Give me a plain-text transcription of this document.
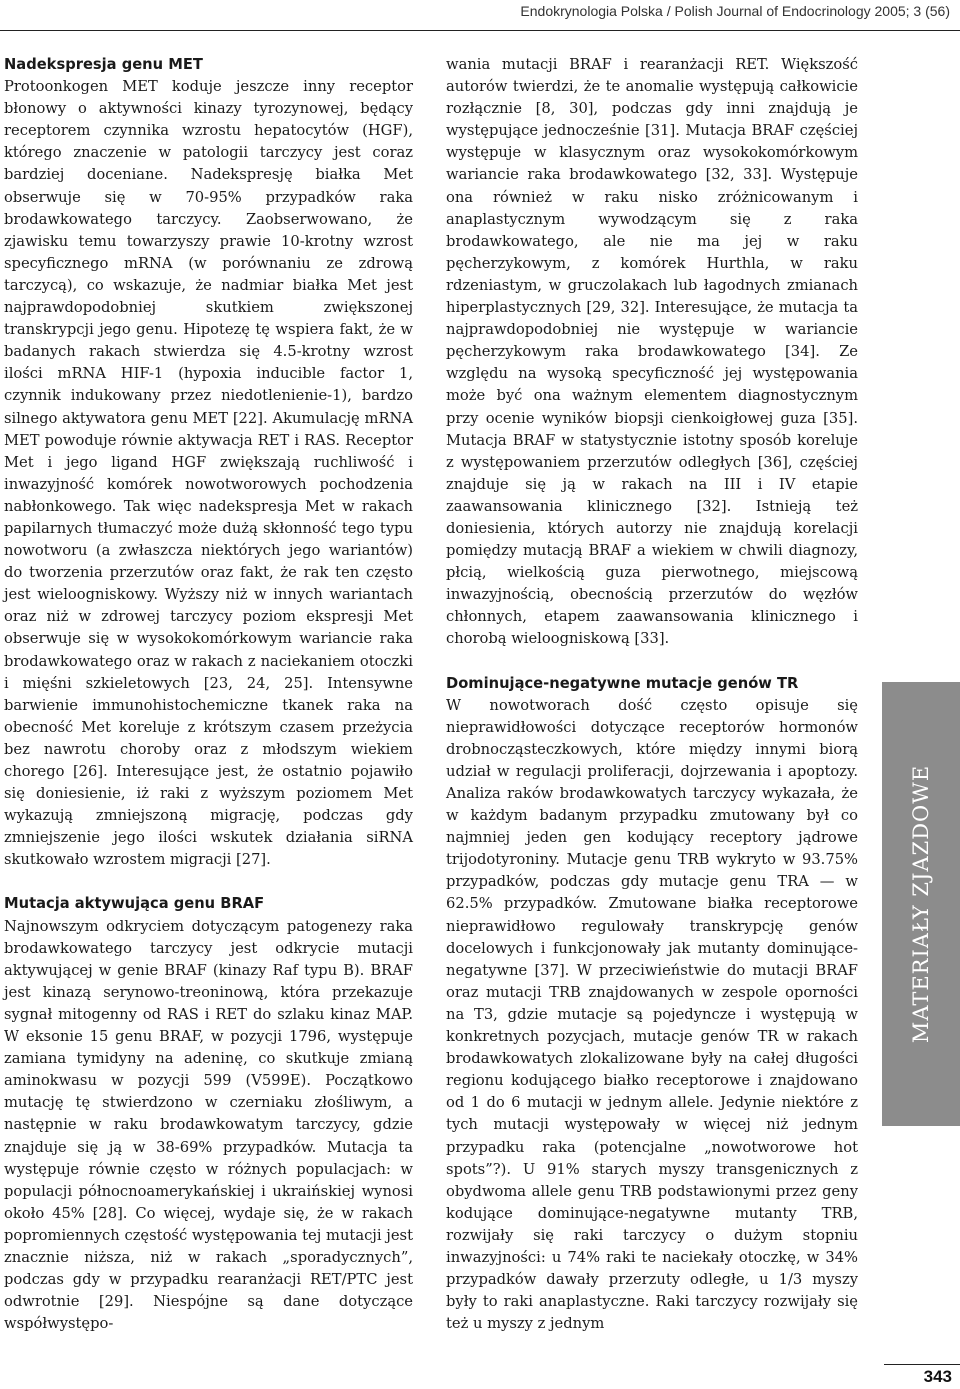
Endokrynologia Polska / Polish Journal of Endocrinology 2005; 3 (56)
Nadekspresja genu MET

Protoonkogen MET koduje jeszcze inny receptor błonowy o aktywności kinazy tyrozynowej, będący receptorem czynnika wzrostu hepatocytów (HGF), którego znaczenie w patologii tarczycy jest coraz bardziej doceniane. Nadekspresję białka Met obserwuje się w 70-95% przypadków raka brodawkowatego tarczycy. Zaobserwowano, że zjawisku temu towarzyszy prawie 10-krotny wzrost specyficznego mRNA (w porównaniu ze zdrową tarczycą), co wskazuje, że nadmiar białka Met jest najprawdopodobniej skutkiem zwiększonej transkrypcji jego genu. Hipotezę tę wspiera fakt, że w badanych rakach stwierdza się 4.5-krotny wzrost ilości mRNA HIF-1 (hypoxia inducible factor 1, czynnik indukowany przez niedotlenienie-1), bardzo silnego aktywatora genu MET [22]. Akumulację mRNA MET powoduje równie aktywacja RET i RAS. Receptor Met i jego ligand HGF zwiększają ruchliwość i inwazyjność komórek nowotworowych pochodzenia nabłonkowego. Tak więc nadekspresja Met w rakach papilarnych tłumaczyć może dużą skłonność tego typu nowotworu (a zwłaszcza niektórych jego wariantów) do tworzenia przerzutów oraz fakt, że rak ten często jest wieloogniskowy. Wyższy niż w innych wariantach oraz niż w zdrowej tarczycy poziom ekspresji Met obserwuje się w wysokokomórkowym wariancie raka brodawkowatego oraz w rakach z naciekaniem otoczki i mięśni szkieletowych [23, 24, 25]. Intensywne barwienie immunohistochemiczne tkanek raka na obecność Met koreluje z krótszym czasem przeżycia bez nawrotu choroby oraz z młodszym wiekiem chorego [26]. Interesujące jest, że ostatnio pojawiło się doniesienie, iż raki z wyższym poziomem Met wykazują zmniejszoną migrację, podczas gdy zmniejszenie jego ilości wskutek działania siRNA skutkowało wzrostem migracji [27].

Mutacja aktywująca genu BRAF

Najnowszym odkryciem dotyczącym patogenezy raka brodawkowatego tarczycy jest odkrycie mutacji aktywującej w genie BRAF (kinazy Raf typu B). BRAF jest kinazą serynowo-treoninową, która przekazuje sygnał mitogenny od RAS i RET do szlaku kinaz MAP. W eksonie 15 genu BRAF, w pozycji 1796, występuje zamiana tymidyny na adeninę, co skutkuje zmianą aminokwasu w pozycji 599 (V599E). Początkowo mutację tę stwierdzono w czerniaku złośliwym, a następnie w raku brodawkowatym tarczycy, gdzie znajduje się ją w 38-69% przypadków. Mutacja ta występuje równie często w różnych populacjach: w populacji północnoamerykańskiej i ukraińskiej wynosi około 45% [28]. Co więcej, wydaje się, że w rakach popromiennych częstość występowania tej mutacji jest znacznie niższa, niż w rakach „sporadycznych”, podczas gdy w przypadku rearanżacji RET/PTC jest odwrotnie [29]. Niespójne są dane dotyczące współwystępo-

wania mutacji BRAF i rearanżacji RET. Większość autorów twierdzi, że te anomalie występują całkowicie rozłącznie [8, 30], podczas gdy inni znajdują je występujące jednocześnie [31]. Mutacja BRAF częściej występuje w klasycznym oraz wysokokomórkowym wariancie raka brodawkowatego [32, 33]. Występuje ona również w raku nisko zróżnicowanym i anaplastycznym wywodzącym się z raka brodawkowatego, ale nie ma jej w raku pęcherzykowym, z komórek Hurthla, w raku rdzeniastym, w gruczolakach lub łagodnych zmianach hiperplastycznych [29, 32]. Interesujące, że mutacja ta najprawdopodobniej nie występuje w wariancie pęcherzykowym raka brodawkowatego [34]. Ze względu na wysoką specyficzność jej występowania może być ona ważnym elementem diagnostycznym przy ocenie wyników biopsji cienkoigłowej guza [35]. Mutacja BRAF w statystycznie istotny sposób koreluje z występowaniem przerzutów odległych [36], częściej znajduje się ją w rakach na III i IV etapie zaawansowania klinicznego [32]. Istnieją też doniesienia, których autorzy nie znajdują korelacji pomiędzy mutacją BRAF a wiekiem w chwili diagnozy, płcią, wielkością guza pierwotnego, miejscową inwazyjnością, obecnością przerzutów do węzłów chłonnych, etapem zaawansowania klinicznego i chorobą wieloogniskową [33].

Dominujące-negatywne mutacje genów TR

W nowotworach dość często opisuje się nieprawidłowości dotyczące receptorów hormonów drobnocząsteczkowych, które między innymi biorą udział w regulacji proliferacji, dojrzewania i apoptozy. Analiza raków brodawkowatych tarczycy wykazała, że w każdym badanym przypadku zmutowany był co najmniej jeden gen kodujący receptory jądrowe trijodotyroniny. Mutacje genu TRB wykryto w 93.75% przypadków, podczas gdy mutacje genu TRA — w 62.5% przypadków. Zmutowane białka receptorowe nieprawidłowo regulowały transkrypcję genów docelowych i funkcjonowały jak mutanty dominujące-negatywne [37]. W przeciwieństwie do mutacji BRAF oraz mutacji TRB znajdowanych w zespole oporności na T3, gdzie mutacje są pojedyncze i występują w konkretnych pozycjach, mutacje genów TR w rakach brodawkowatych zlokalizowane były na całej długości regionu kodującego białko receptorowe i znajdowano od 1 do 6 mutacji w jednym allele. Jedynie niektóre z tych mutacji występowały w więcej niż jednym przypadku raka (potencjalne „nowotworowe hot spots”?). U 91% starych myszy transgenicznych z obydwoma allele genu TRB podstawionymi przez geny kodujące dominujące-negatywne mutanty TRB, rozwijały się raki tarczycy o dużym stopniu inwazyjności: u 74% raki te naciekały otoczkę, w 34% przypadków dawały przerzuty odległe, u 1/3 myszy były to raki anaplastyczne. Raki tarczycy rozwijały się też u myszy z jednym

MATERIAŁY ZJAZDOWE
343
